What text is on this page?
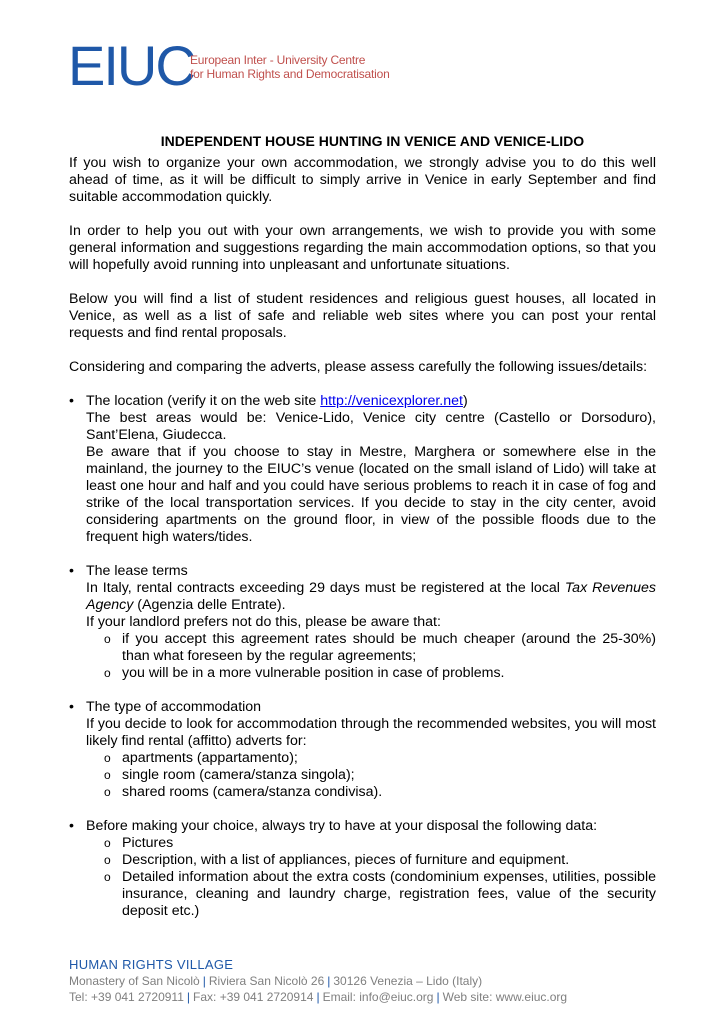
EIUC
European Inter - University Centre
for Human Rights and Democratisation
INDEPENDENT HOUSE HUNTING IN VENICE AND VENICE-LIDO

If you wish to organize your own accommodation, we strongly advise you to do this well ahead of time, as it will be difficult to simply arrive in Venice in early September and find suitable accommodation quickly.

In order to help you out with your own arrangements, we wish to provide you with some general information and suggestions regarding the main accommodation options, so that you will hopefully avoid running into unpleasant and unfortunate situations.

Below you will find a list of student residences and religious guest houses, all located in Venice, as well as a list of safe and reliable web sites where you can post your rental requests and find rental proposals.

Considering and comparing the adverts, please assess carefully the following issues/details:

• The location (verify it on the web site http://venicexplorer.net)
The best areas would be: Venice-Lido, Venice city centre (Castello or Dorsoduro), Sant’Elena, Giudecca.
Be aware that if you choose to stay in Mestre, Marghera or somewhere else in the mainland, the journey to the EIUC’s venue (located on the small island of Lido) will take at least one hour and half and you could have serious problems to reach it in case of fog and strike of the local transportation services. If you decide to stay in the city center, avoid considering apartments on the ground floor, in view of the possible floods due to the frequent high waters/tides.
• The lease terms
In Italy, rental contracts exceeding 29 days must be registered at the local Tax Revenues Agency (Agenzia delle Entrate).
If your landlord prefers not do this, please be aware that:
o if you accept this agreement rates should be much cheaper (around the 25-30%) than what foreseen by the regular agreements;
o you will be in a more vulnerable position in case of problems.
• The type of accommodation
If you decide to look for accommodation through the recommended websites, you will most likely find rental (affitto) adverts for:
o apartments (appartamento);
o single room (camera/stanza singola);
o shared rooms (camera/stanza condivisa).
• Before making your choice, always try to have at your disposal the following data:
o Pictures
o Description, with a list of appliances, pieces of furniture and equipment.
o Detailed information about the extra costs (condominium expenses, utilities, possible insurance, cleaning and laundry charge, registration fees, value of the security deposit etc.)
HUMAN RIGHTS VILLAGE
Monastery of San Nicolò | Riviera San Nicolò 26 | 30126 Venezia – Lido (Italy)
Tel: +39 041 2720911 | Fax: +39 041 2720914 | Email: info@eiuc.org | Web site: www.eiuc.org
